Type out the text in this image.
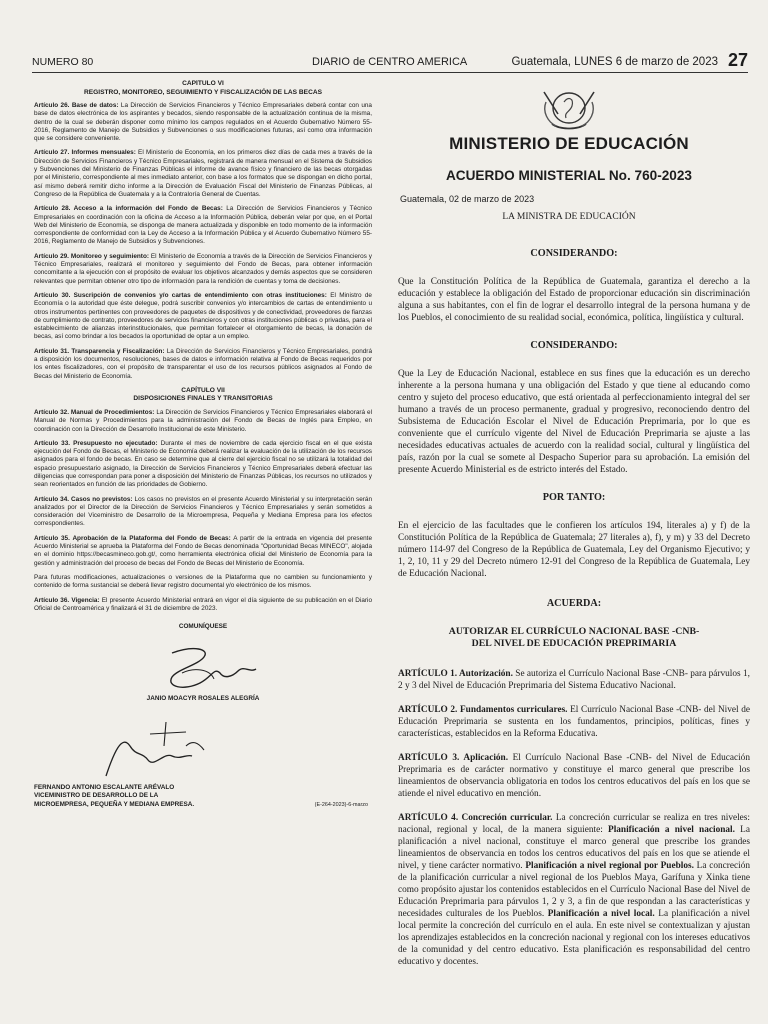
NUMERO 80	DIARIO de CENTRO AMERICA	Guatemala, LUNES 6 de marzo de 2023 27
CAPÍTULO VI
REGISTRO, MONITOREO, SEGUIMIENTO Y FISCALIZACIÓN DE LAS BECAS

Artículo 26. Base de datos: La Dirección de Servicios Financieros y Técnico Empresariales deberá contar con una base de datos electrónica de los aspirantes y becados, siendo responsable de la actualización continua de la misma, dentro de la cual se deberán disponer como mínimo los campos regulados en el Acuerdo Gubernativo Número 55-2016, Reglamento de Manejo de Subsidios y Subvenciones o sus modificaciones futuras, así como otra información que se considere conveniente.

Artículo 27. Informes mensuales: El Ministerio de Economía, en los primeros diez días de cada mes a través de la Dirección de Servicios Financieros y Técnico Empresariales, registrará de manera mensual en el Sistema de Subsidios y Subvenciones del Ministerio de Finanzas Públicas el informe de avance físico y financiero de las becas otorgadas por el Ministerio, correspondiente al mes inmediato anterior, con base a los formatos que se dispongan en dicho portal, así mismo deberá remitir dicho informe a la Dirección de Evaluación Fiscal del Ministerio de Finanzas Públicas, al Congreso de la República de Guatemala y a la Contraloría General de Cuentas.

Artículo 28. Acceso a la información del Fondo de Becas: La Dirección de Servicios Financieros y Técnico Empresariales en coordinación con la oficina de Acceso a la Información Pública, deberán velar por que, en el Portal Web del Ministerio de Economía, se disponga de manera actualizada y disponible en todo momento de la información correspondiente de conformidad con la Ley de Acceso a la Información Pública y el Acuerdo Gubernativo Número 55-2016, Reglamento de Manejo de Subsidios y Subvenciones.

Artículo 29. Monitoreo y seguimiento: El Ministerio de Economía a través de la Dirección de Servicios Financieros y Técnico Empresariales, realizará el monitoreo y seguimiento del Fondo de Becas, para obtener información concomitante a la ejecución con el propósito de evaluar los objetivos alcanzados y demás aspectos que se consideren relevantes que permitan obtener otro tipo de información para la rendición de cuentas y toma de decisiones.

Artículo 30. Suscripción de convenios y/o cartas de entendimiento con otras instituciones: El Ministro de Economía o la autoridad que éste delegue, podrá suscribir convenios y/o intercambios de cartas de entendimiento u otros instrumentos pertinentes con proveedores de paquetes de dispositivos y de conectividad, proveedores de fianzas de cumplimiento de contrato, proveedores de servicios financieros y con otras instituciones públicas o privadas, para el establecimiento de alianzas interinstitucionales, que permitan fortalecer el otorgamiento de becas, la donación de becas, así como brindar a los becados la oportunidad de optar a un empleo.

Artículo 31. Transparencia y Fiscalización: La Dirección de Servicios Financieros y Técnico Empresariales, pondrá a disposición los documentos, resoluciones, bases de datos e información relativa al Fondo de Becas requeridos por los entes fiscalizadores, con el propósito de transparentar el uso de los recursos públicos asignados al Fondo de Becas del Ministerio de Economía.

CAPÍTULO VII
DISPOSICIONES FINALES Y TRANSITORIAS

Artículo 32. Manual de Procedimientos: La Dirección de Servicios Financieros y Técnico Empresariales elaborará el Manual de Normas y Procedimientos para la administración del Fondo de Becas de Inglés para Empleo, en coordinación con la Dirección de Desarrollo Institucional de este Ministerio.

Artículo 33. Presupuesto no ejecutado: Durante el mes de noviembre de cada ejercicio fiscal en el que exista ejecución del Fondo de Becas, el Ministerio de Economía deberá realizar la evaluación de la utilización de los recursos asignados para el fondo de becas. En caso se determine que al cierre del ejercicio fiscal no se utilizará la totalidad del espacio presupuestario asignado, la Dirección de Servicios Financieros y Técnico Empresariales deberá efectuar las diligencias que correspondan para poner a disposición del Ministerio de Finanzas Públicas, los recursos no utilizados y sean reorientados en función de las prioridades de Gobierno.

Artículo 34. Casos no previstos: Los casos no previstos en el presente Acuerdo Ministerial y su interpretación serán analizados por el Director de la Dirección de Servicios Financieros y Técnico Empresariales y serán sometidos a consideración del Viceministro de Desarrollo de la Microempresa, Pequeña y Mediana Empresa para los efectos correspondientes.

Artículo 35. Aprobación de la Plataforma del Fondo de Becas: A partir de la entrada en vigencia del presente Acuerdo Ministerial se aprueba la Plataforma del Fondo de Becas denominada "Oportunidad Becas MINECO", alojada en el dominio https://becasmineco.gob.gt/, como herramienta electrónica oficial del Ministerio de Economía para la gestión y administración del proceso de becas del Fondo de Becas del Ministerio de Economía.

Para futuras modificaciones, actualizaciones o versiones de la Plataforma que no cambien su funcionamiento y contenido de forma sustancial se deberá llevar registro documental y/o electrónico de los mismos.

Artículo 36. Vigencia: El presente Acuerdo Ministerial entrará en vigor el día siguiente de su publicación en el Diario Oficial de Centroamérica y finalizará el 31 de diciembre de 2023.

COMUNÍQUESE
JANIO MOACYR ROSALES ALEGRÍA
FERNANDO ANTONIO ESCALANTE ARÉVALO
VICEMINISTRO DE DESARROLLO DE LA
MICROEMPRESA, PEQUEÑA Y MEDIANA EMPRESA.	(E-264-2023)-6-marzo
MINISTERIO DE EDUCACIÓN
ACUERDO MINISTERIAL No. 760-2023
Guatemala, 02 de marzo de 2023
LA MINISTRA DE EDUCACIÓN

CONSIDERANDO:

Que la Constitución Política de la República de Guatemala, garantiza el derecho a la educación y establece la obligación del Estado de proporcionar educación sin discriminación alguna a sus habitantes, con el fin de lograr el desarrollo integral de la persona humana y de los Pueblos, el conocimiento de su realidad social, económica, política, lingüística y cultural.

CONSIDERANDO:

Que la Ley de Educación Nacional, establece en sus fines que la educación es un derecho inherente a la persona humana y una obligación del Estado y que tiene al educando como centro y sujeto del proceso educativo, que está orientada al perfeccionamiento integral del ser humano a través de un proceso permanente, gradual y progresivo, reconociendo dentro del Subsistema de Educación Escolar el Nivel de Educación Preprimaria, por lo que es conveniente que el currículo vigente del Nivel de Educación Preprimaria se ajuste a las necesidades educativas actuales de acuerdo con la realidad social, cultural y lingüística del país, razón por la cual se somete al Despacho Superior para su aprobación. La emisión del presente Acuerdo Ministerial es de estricto interés del Estado.

POR TANTO:

En el ejercicio de las facultades que le confieren los artículos 194, literales a) y f) de la Constitución Política de la República de Guatemala; 27 literales a), f), y m) y 33 del Decreto número 114-97 del Congreso de la República de Guatemala, Ley del Organismo Ejecutivo; y 1, 2, 10, 11 y 29 del Decreto número 12-91 del Congreso de la República de Guatemala, Ley de Educación Nacional.

ACUERDA:

AUTORIZAR EL CURRÍCULO NACIONAL BASE -CNB-

DEL NIVEL DE EDUCACIÓN PREPRIMARIA

ARTÍCULO 1. Autorización. Se autoriza el Currículo Nacional Base -CNB- para párvulos 1, 2 y 3 del Nivel de Educación Preprimaria del Sistema Educativo Nacional.

ARTÍCULO 2. Fundamentos curriculares. El Currículo Nacional Base -CNB- del Nivel de Educación Preprimaria se sustenta en los fundamentos, principios, políticas, fines y características, establecidos en la Reforma Educativa.

ARTÍCULO 3. Aplicación. El Currículo Nacional Base -CNB- del Nivel de Educación Preprimaria es de carácter normativo y constituye el marco general que prescribe los lineamientos de observancia obligatoria en todos los centros educativos del país en los que se atiende el nivel educativo en mención.

ARTÍCULO 4. Concreción curricular. La concreción curricular se realiza en tres niveles: nacional, regional y local, de la manera siguiente: Planificación a nivel nacional. La planificación a nivel nacional, constituye el marco general que prescribe los grandes lineamientos de observancia en todos los centros educativos del país en los que se atiende el nivel, y tiene carácter normativo. Planificación a nivel regional por Pueblos. La concreción de la planificación curricular a nivel regional de los Pueblos Maya, Garífuna y Xinka tiene como propósito ajustar los contenidos establecidos en el Currículo Nacional Base del Nivel de Educación Preprimaria para párvulos 1, 2 y 3, a fin de que respondan a las características y necesidades culturales de los Pueblos. Planificación a nivel local. La planificación a nivel local permite la concreción del currículo en el aula. En este nivel se contextualizan y ajustan los aprendizajes establecidos en la concreción nacional y regional con los intereses educativos de la comunidad y del centro educativo. Esta planificación es responsabilidad del centro educativo y docentes.
